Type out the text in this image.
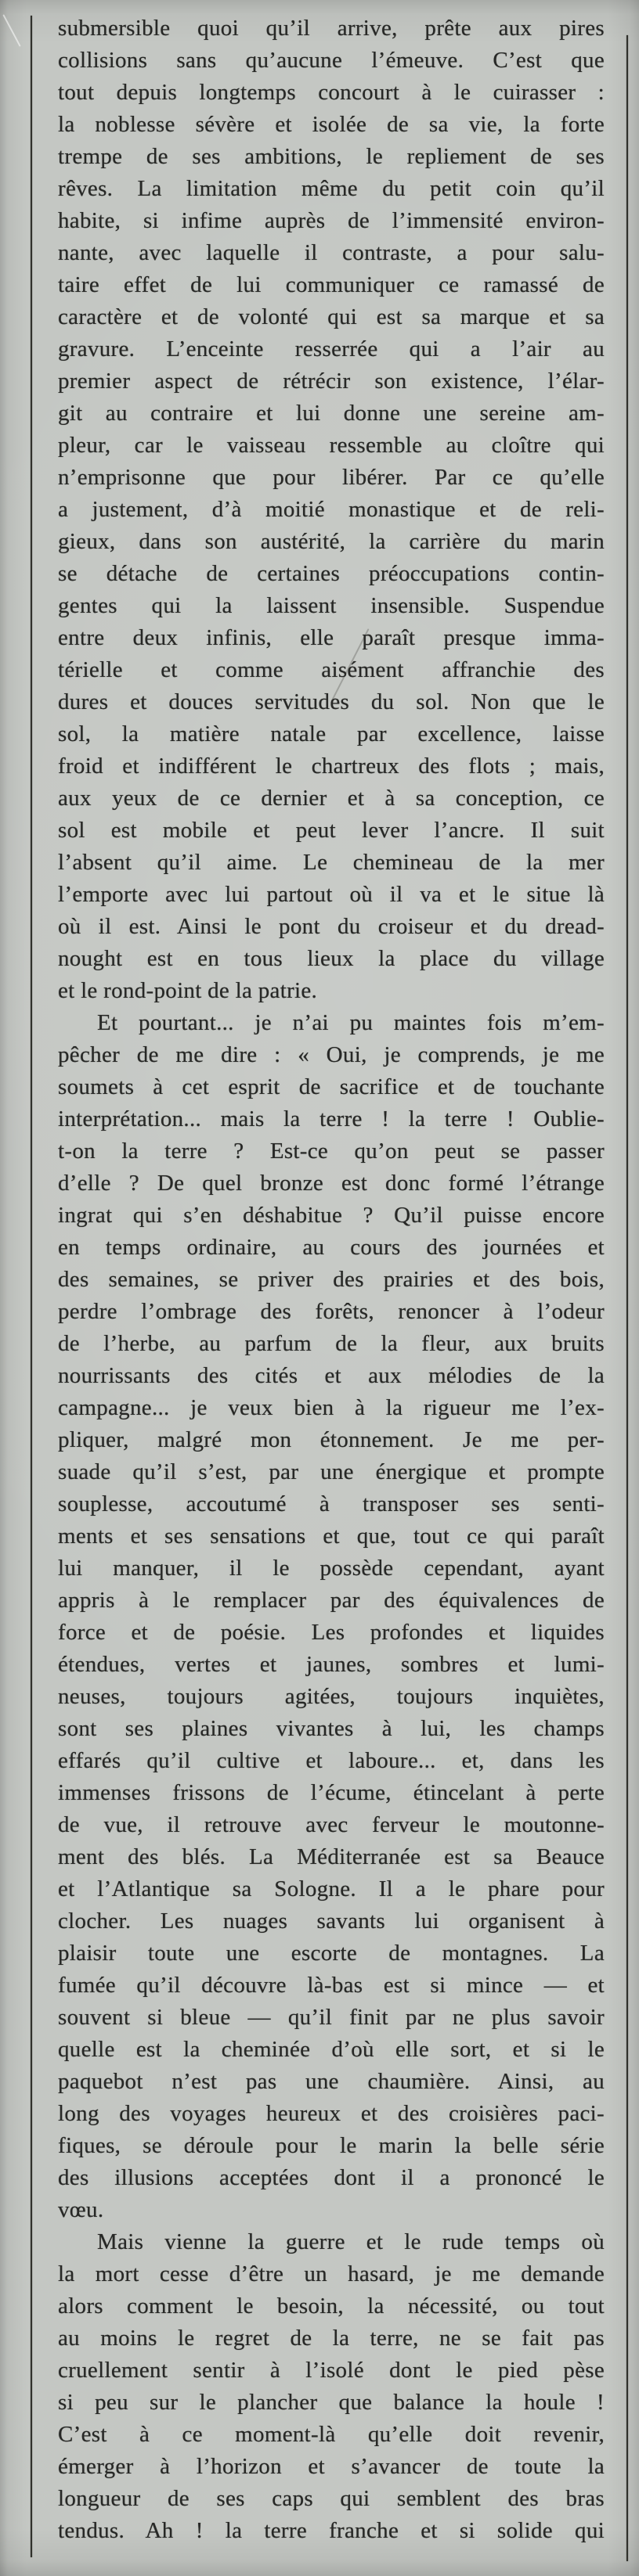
submersible quoi qu’il arrive, prête aux pires
collisions sans qu’aucune l’émeuve. C’est que
tout depuis longtemps concourt à le cuirasser :
la noblesse sévère et isolée de sa vie, la forte
trempe de ses ambitions, le repliement de ses
rêves. La limitation même du petit coin qu’il
habite, si infime auprès de l’immensité environ-
nante, avec laquelle il contraste, a pour salu-
taire effet de lui communiquer ce ramassé de
caractère et de volonté qui est sa marque et sa
gravure. L’enceinte resserrée qui a l’air au
premier aspect de rétrécir son existence, l’élar-
git au contraire et lui donne une sereine am-
pleur, car le vaisseau ressemble au cloître qui
n’emprisonne que pour libérer. Par ce qu’elle
a justement, d’à moitié monastique et de reli-
gieux, dans son austérité, la carrière du marin
se détache de certaines préoccupations contin-
gentes qui la laissent insensible. Suspendue
entre deux infinis, elle paraît presque imma-
térielle et comme aisément affranchie des
dures et douces servitudes du sol. Non que le
sol, la matière natale par excellence, laisse
froid et indifférent le chartreux des flots ; mais,
aux yeux de ce dernier et à sa conception, ce
sol est mobile et peut lever l’ancre. Il suit
l’absent qu’il aime. Le chemineau de la mer
l’emporte avec lui partout où il va et le situe là
où il est. Ainsi le pont du croiseur et du dread-
nought est en tous lieux la place du village
et le rond-point de la patrie.
Et pourtant... je n’ai pu maintes fois m’em-
pêcher de me dire : « Oui, je comprends, je me
soumets à cet esprit de sacrifice et de touchante
interprétation... mais la terre ! la terre ! Oublie-
t-on la terre ? Est-ce qu’on peut se passer
d’elle ? De quel bronze est donc formé l’étrange
ingrat qui s’en déshabitue ? Qu’il puisse encore
en temps ordinaire, au cours des journées et
des semaines, se priver des prairies et des bois,
perdre l’ombrage des forêts, renoncer à l’odeur
de l’herbe, au parfum de la fleur, aux bruits
nourrissants des cités et aux mélodies de la
campagne... je veux bien à la rigueur me l’ex-
pliquer, malgré mon étonnement. Je me per-
suade qu’il s’est, par une énergique et prompte
souplesse, accoutumé à transposer ses senti-
ments et ses sensations et que, tout ce qui paraît
lui manquer, il le possède cependant, ayant
appris à le remplacer par des équivalences de
force et de poésie. Les profondes et liquides
étendues, vertes et jaunes, sombres et lumi-
neuses, toujours agitées, toujours inquiètes,
sont ses plaines vivantes à lui, les champs
effarés qu’il cultive et laboure... et, dans les
immenses frissons de l’écume, étincelant à perte
de vue, il retrouve avec ferveur le moutonne-
ment des blés. La Méditerranée est sa Beauce
et l’Atlantique sa Sologne. Il a le phare pour
clocher. Les nuages savants lui organisent à
plaisir toute une escorte de montagnes. La
fumée qu’il découvre là-bas est si mince — et
souvent si bleue — qu’il finit par ne plus savoir
quelle est la cheminée d’où elle sort, et si le
paquebot n’est pas une chaumière. Ainsi, au
long des voyages heureux et des croisières paci-
fiques, se déroule pour le marin la belle série
des illusions acceptées dont il a prononcé le
vœu.
Mais vienne la guerre et le rude temps où
la mort cesse d’être un hasard, je me demande
alors comment le besoin, la nécessité, ou tout
au moins le regret de la terre, ne se fait pas
cruellement sentir à l’isolé dont le pied pèse
si peu sur le plancher que balance la houle !
C’est à ce moment-là qu’elle doit revenir,
émerger à l’horizon et s’avancer de toute la
longueur de ses caps qui semblent des bras
tendus. Ah ! la terre franche et si solide qui
